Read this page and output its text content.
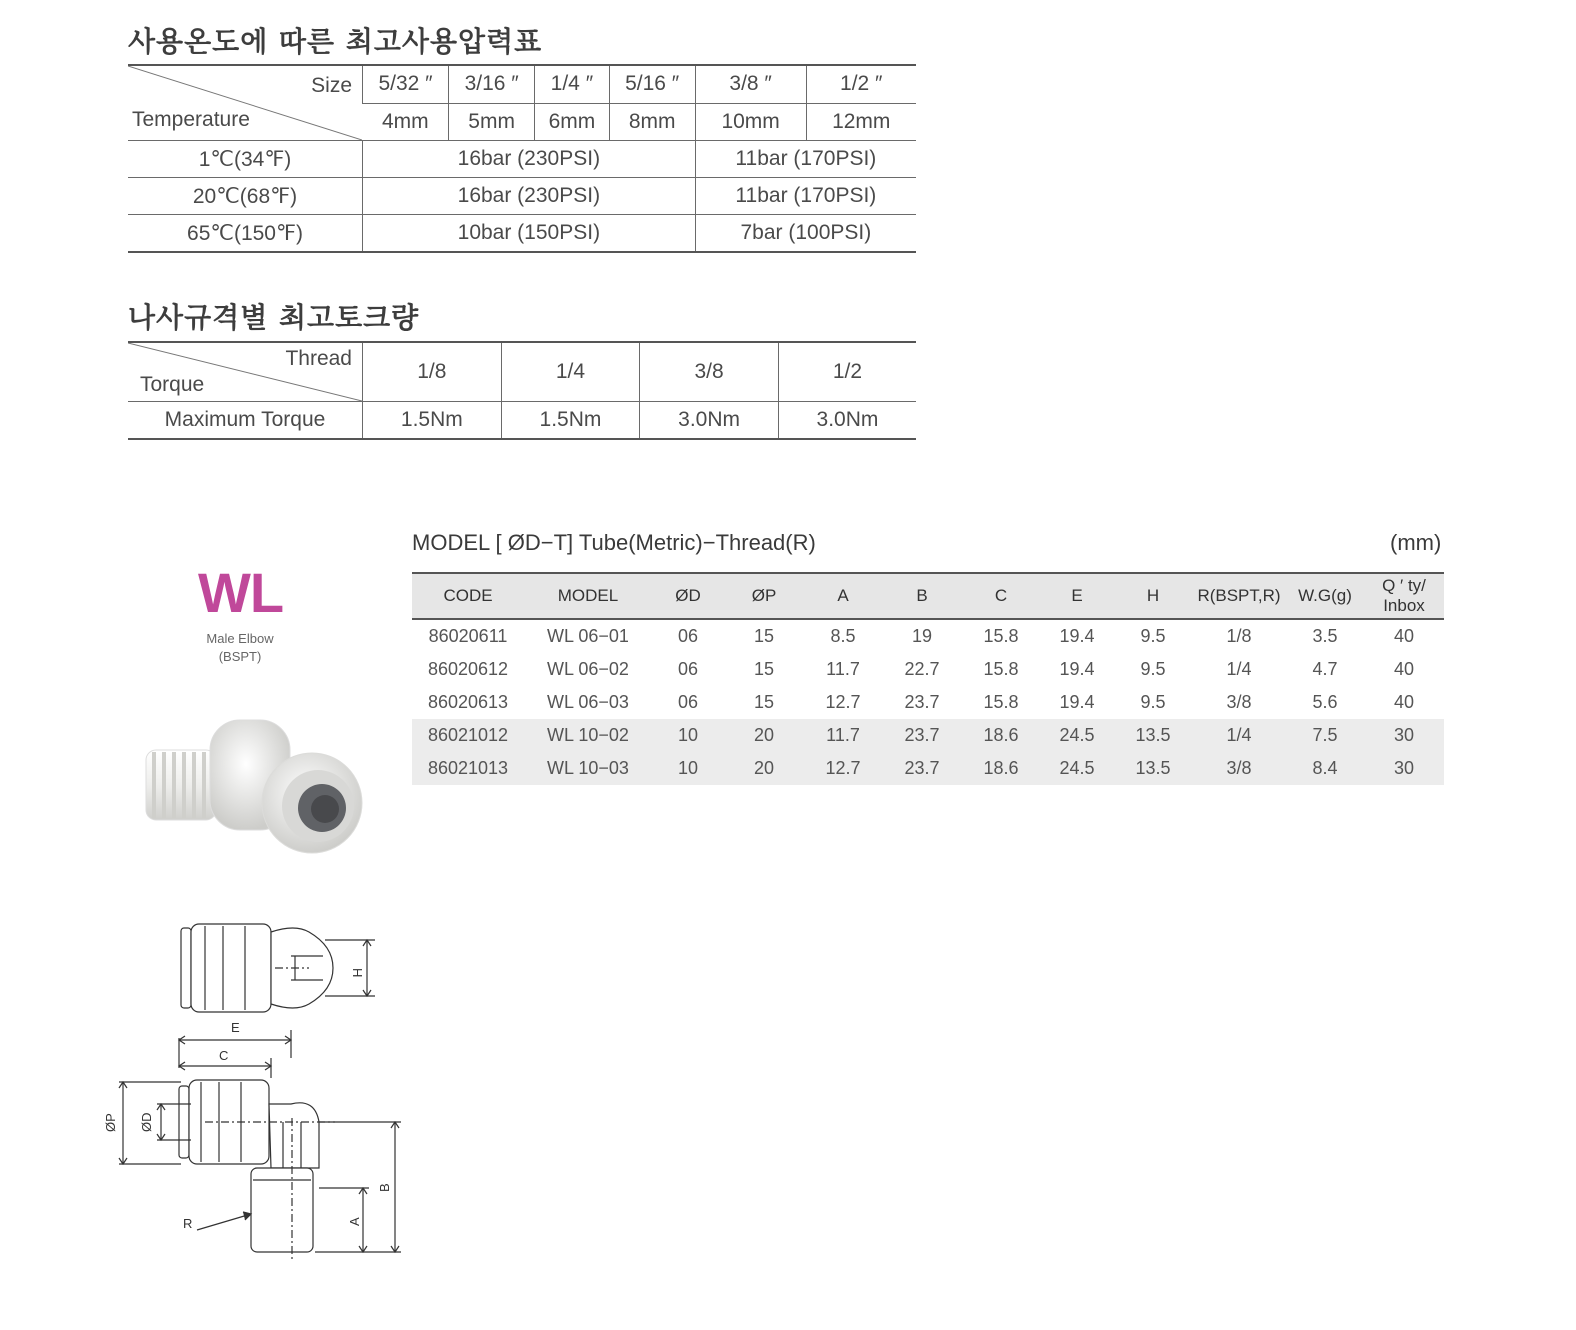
사용온도에 따른 최고사용압력표
Size
Temperature	5/32 ″	3/16 ″	1/4 ″	5/16 ″	3/8 ″	1/2 ″
	4mm	5mm	6mm	8mm	10mm	12mm
1℃(34℉)	16bar (230PSI)				11bar (170PSI)	
20℃(68℉)	16bar (230PSI)				11bar (170PSI)	
65℃(150℉)	10bar (150PSI)				7bar (100PSI)	
나사규격별 최고토크량
Thread
Torque	1/8	1/4	3/8	1/2
Maximum Torque	1.5Nm	1.5Nm	3.0Nm	3.0Nm
WL
Male Elbow
(BSPT)
MODEL [ ØD−T] Tube(Metric)−Thread(R)	(mm)
CODE	MODEL	ØD	ØP	A	B	C	E	H	R(BSPT,R)	W.G(g)	Q ′ ty/
Inbox
86020611	WL 06−01	06	15	8.5	19	15.8	19.4	9.5	1/8	3.5	40
86020612	WL 06−02	06	15	11.7	22.7	15.8	19.4	9.5	1/4	4.7	40
86020613	WL 06−03	06	15	12.7	23.7	15.8	19.4	9.5	3/8	5.6	40
86021012	WL 10−02	10	20	11.7	23.7	18.6	24.5	13.5	1/4	7.5	30
86021013	WL 10−03	10	20	12.7	23.7	18.6	24.5	13.5	3/8	8.4	30
H
E
C
ØP ØD
B
A
R
